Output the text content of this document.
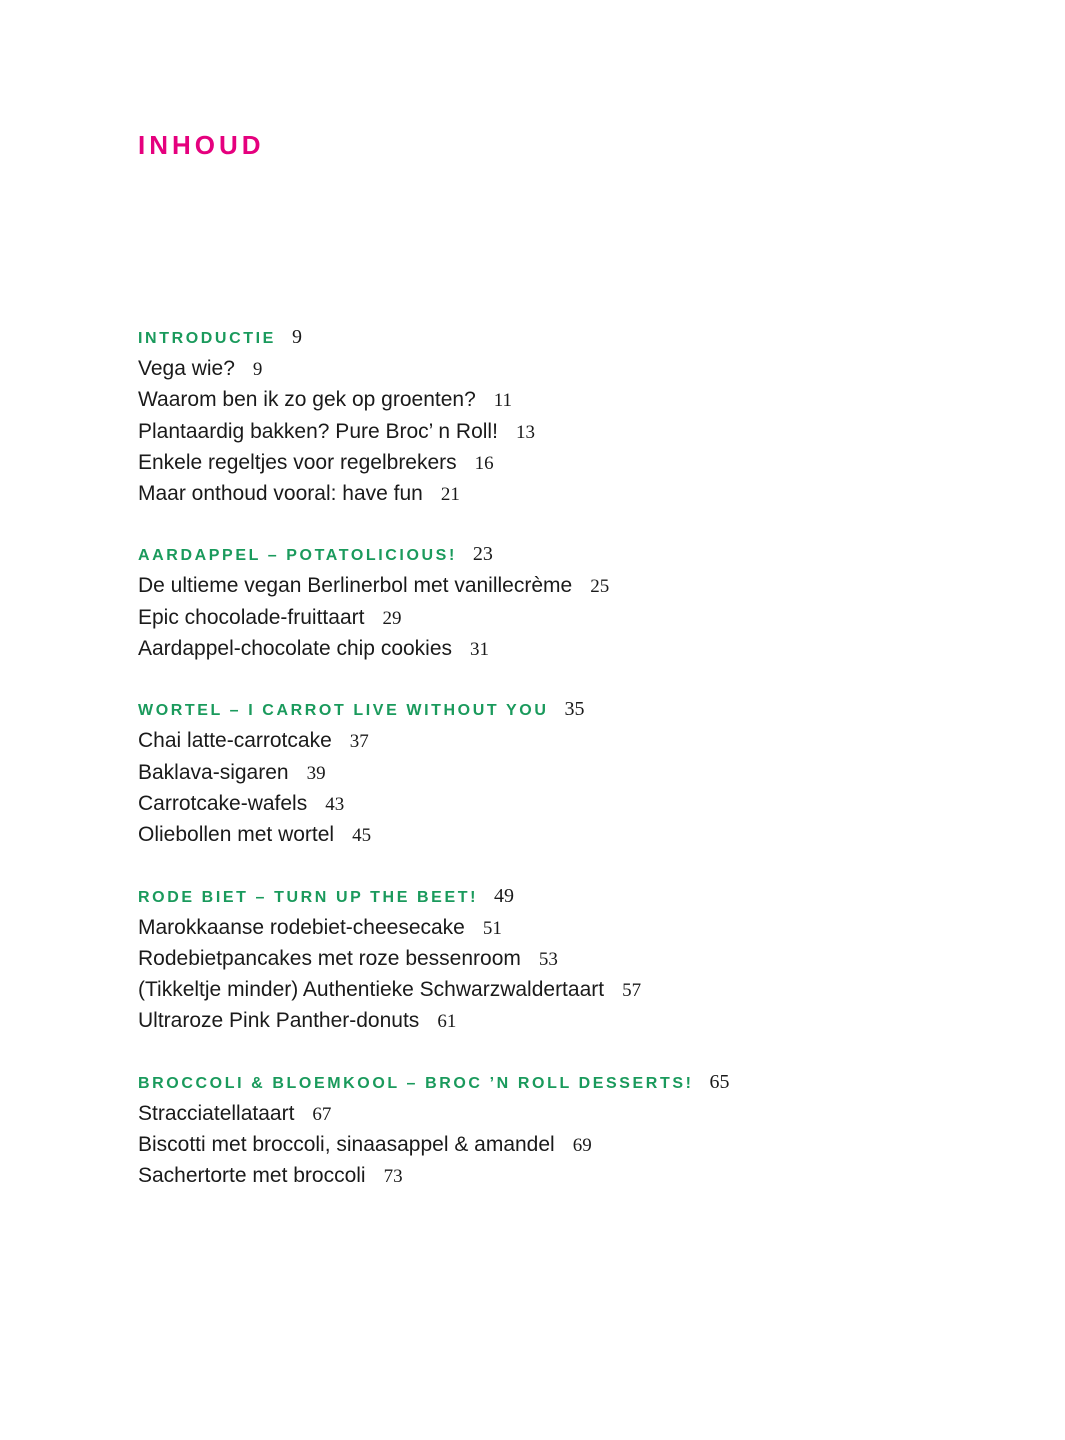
INHOUD
INTRODUCTIE 9
Vega wie? 9
Waarom ben ik zo gek op groenten? 11
Plantaardig bakken? Pure Broc’ n Roll! 13
Enkele regeltjes voor regelbrekers 16
Maar onthoud vooral: have fun 21
AARDAPPEL – POTATOLICIOUS! 23
De ultieme vegan Berlinerbol met vanillecrème 25
Epic chocolade-fruittaart 29
Aardappel-chocolate chip cookies 31
WORTEL – I CARROT LIVE WITHOUT YOU 35
Chai latte-carrotcake 37
Baklava-sigaren 39
Carrotcake-wafels 43
Oliebollen met wortel 45
RODE BIET – TURN UP THE BEET! 49
Marokkaanse rodebiet-cheesecake 51
Rodebietpancakes met roze bessenroom 53
(Tikkeltje minder) Authentieke Schwarzwaldertaart 57
Ultraroze Pink Panther-donuts 61
BROCCOLI & BLOEMKOOL – BROC ’N ROLL DESSERTS! 65
Stracciatellataart 67
Biscotti met broccoli, sinaasappel & amandel 69
Sachertorte met broccoli 73
